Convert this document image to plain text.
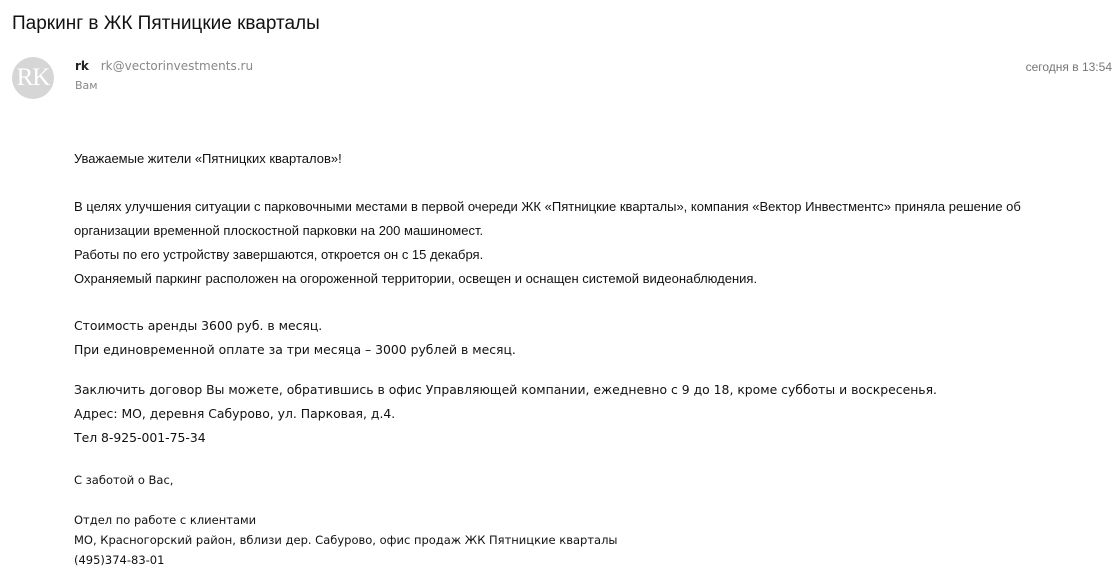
Паркинг в ЖК Пятницкие кварталы
RK	rk rk@vectorinvestments.ru
Вам
сегодня в 13:54
Уважаемые жители «Пятницких кварталов»!
В целях улучшения ситуации с парковочными местами в первой очереди ЖК «Пятницкие кварталы», компания «Вектор Инвестментс» приняла решение об
организации временной плоскостной парковки на 200 машиномест.
Работы по его устройству завершаются, откроется он с 15 декабря.
Охраняемый паркинг расположен на огороженной территории, освещен и оснащен системой видеонаблюдения.
Стоимость аренды 3600 руб. в месяц.
При единовременной оплате за три месяца – 3000 рублей в месяц.
Заключить договор Вы можете, обратившись в офис Управляющей компании, ежедневно с 9 до 18, кроме субботы и воскресенья.
Адрес: МО, деревня Сабурово, ул. Парковая, д.4.
Тел 8-925-001-75-34
С заботой о Вас,
Отдел по работе с клиентами
МО, Красногорский район, вблизи дер. Сабурово, офис продаж ЖК Пятницкие кварталы
(495)374-83-01
